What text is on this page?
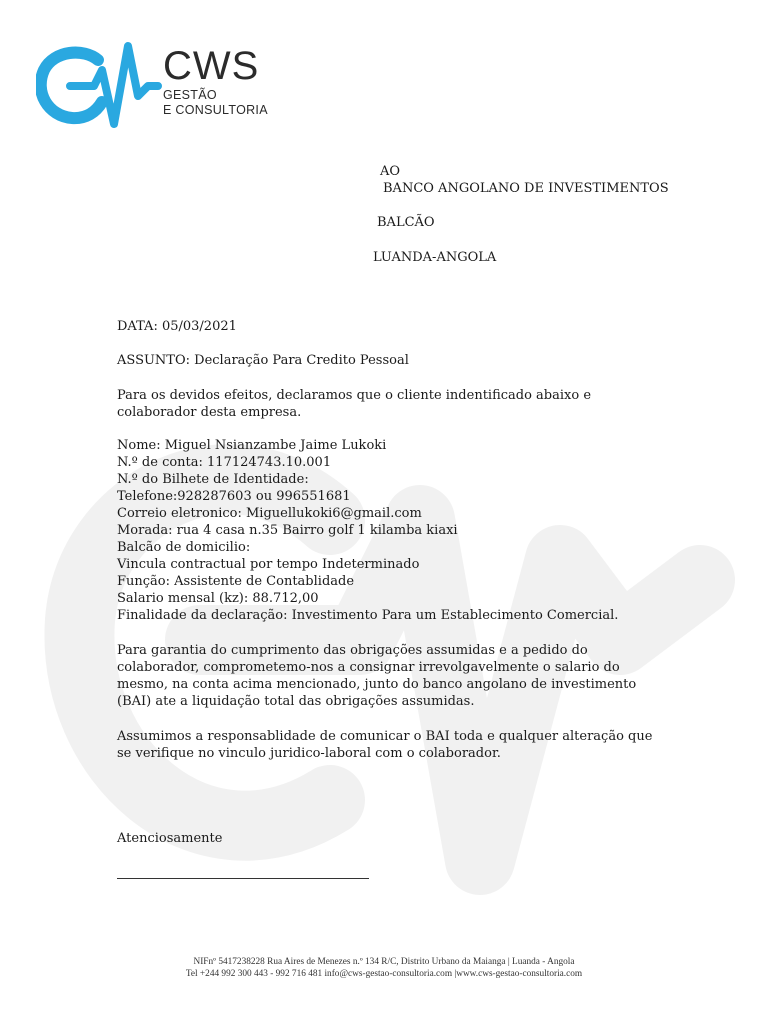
CWS
GESTÃO
E CONSULTORIA
AO
BANCO ANGOLANO DE INVESTIMENTOS
BALCÃO
LUANDA-ANGOLA
DATA: 05/03/2021
ASSUNTO: Declaração Para Credito Pessoal
Para os devidos efeitos, declaramos que o cliente indentificado abaixo e
colaborador desta empresa.
Nome: Miguel Nsianzambe Jaime Lukoki
N.º de conta: 117124743.10.001
N.º do Bilhete de Identidade:
Telefone:928287603 ou 996551681
Correio eletronico: Miguellukoki6@gmail.com
Morada: rua 4 casa n.35 Bairro golf 1 kilamba kiaxi
Balcão de domicilio:
Vincula contractual por tempo Indeterminado
Função: Assistente de Contablidade
Salario mensal (kz): 88.712,00
Finalidade da declaração: Investimento Para um Establecimento Comercial.
Para garantia do cumprimento das obrigações assumidas e a pedido do
colaborador, comprometemo-nos a consignar irrevolgavelmente o salario do
mesmo, na conta acima mencionado, junto do banco angolano de investimento
(BAI) ate a liquidação total das obrigações assumidas.
Assumimos a responsablidade de comunicar o BAI toda e qualquer alteração que
se verifique no vinculo juridico-laboral com o colaborador.
Atenciosamente
NIFnº 5417238228 Rua Aires de Menezes n.º 134 R/C, Distrito Urbano da Maianga | Luanda - Angola
Tel +244 992 300 443 - 992 716 481 info@cws-gestao-consultoria.com |www.cws-gestao-consultoria.com
